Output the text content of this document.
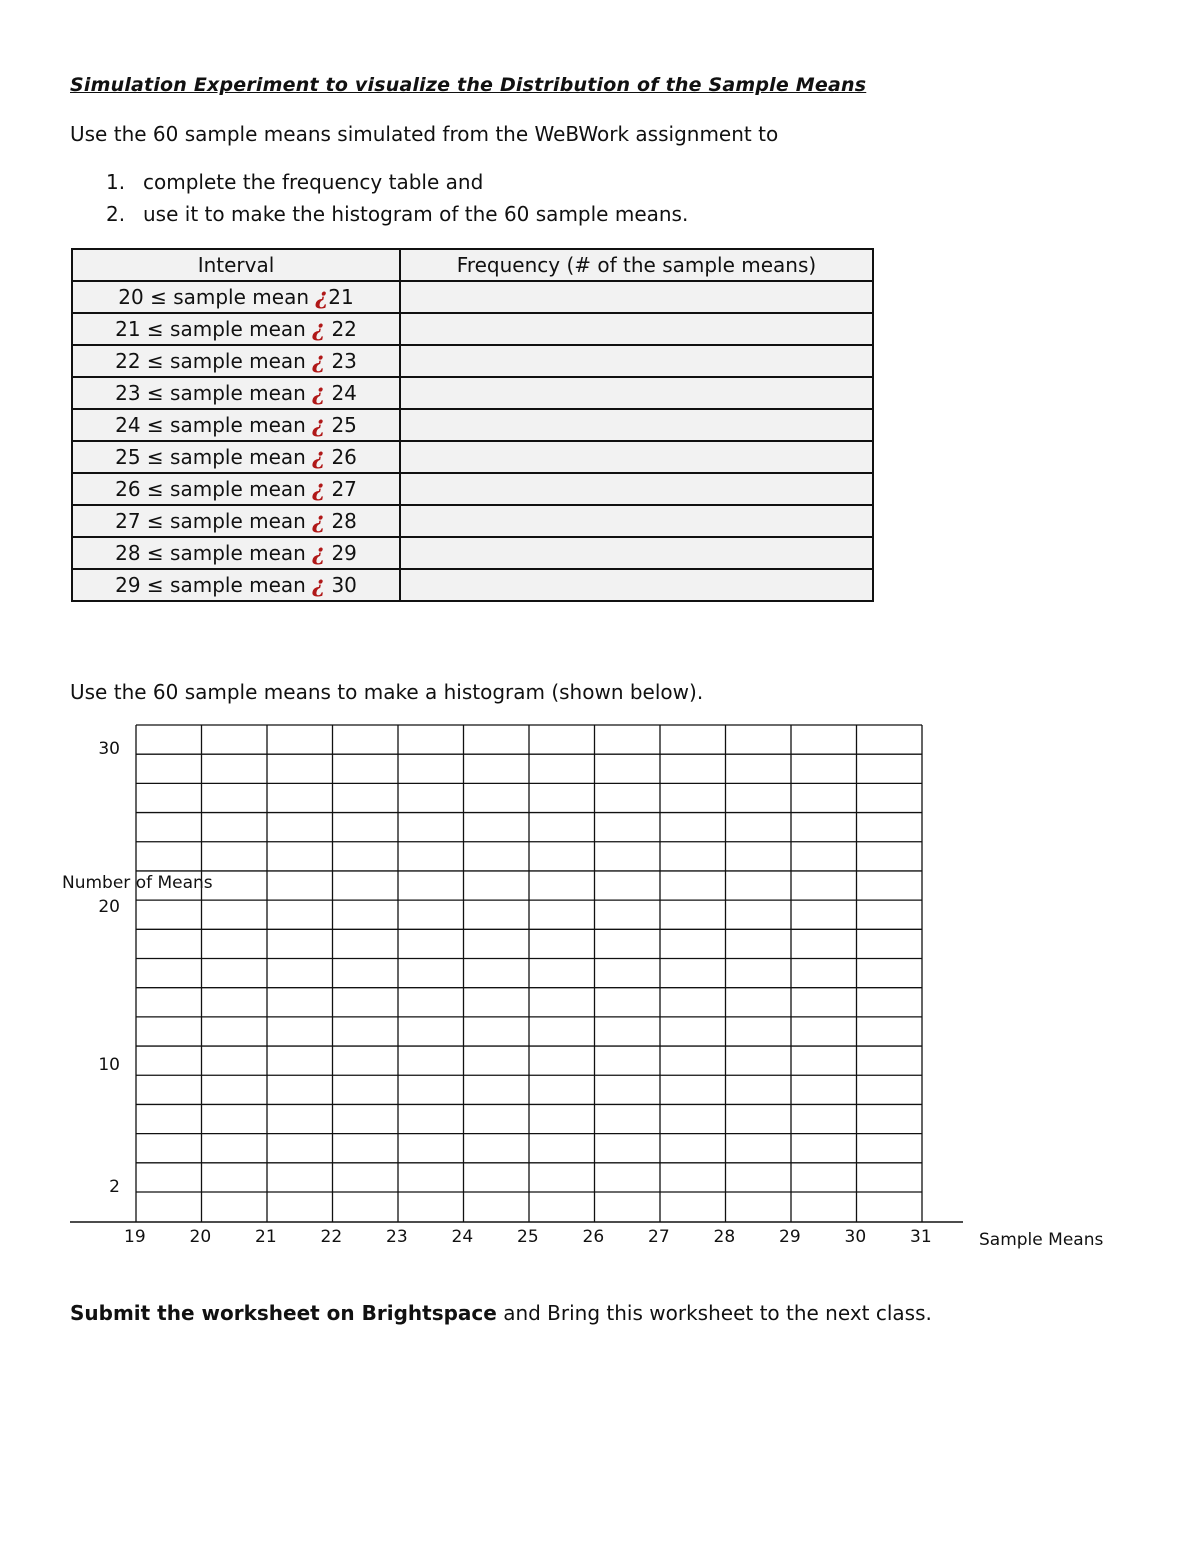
Simulation Experiment to visualize the Distribution of the Sample Means
Use the 60 sample means simulated from the WeBWork assignment to
1. complete the frequency table and
2. use it to make the histogram of the 60 sample means.
Interval	Frequency (# of the sample means)
20 ≤ sample mean ¿21	
21 ≤ sample mean ¿ 22	
22 ≤ sample mean ¿ 23	
23 ≤ sample mean ¿ 24	
24 ≤ sample mean ¿ 25	
25 ≤ sample mean ¿ 26	
26 ≤ sample mean ¿ 27	
27 ≤ sample mean ¿ 28	
28 ≤ sample mean ¿ 29	
29 ≤ sample mean ¿ 30	
Use the 60 sample means to make a histogram (shown below).
30
20
10
2
19	20	21	22	23	24	25	26	27	28	29	30	31
Number of Means
Sample Means
Submit the worksheet on Brightspace and Bring this worksheet to the next class.
